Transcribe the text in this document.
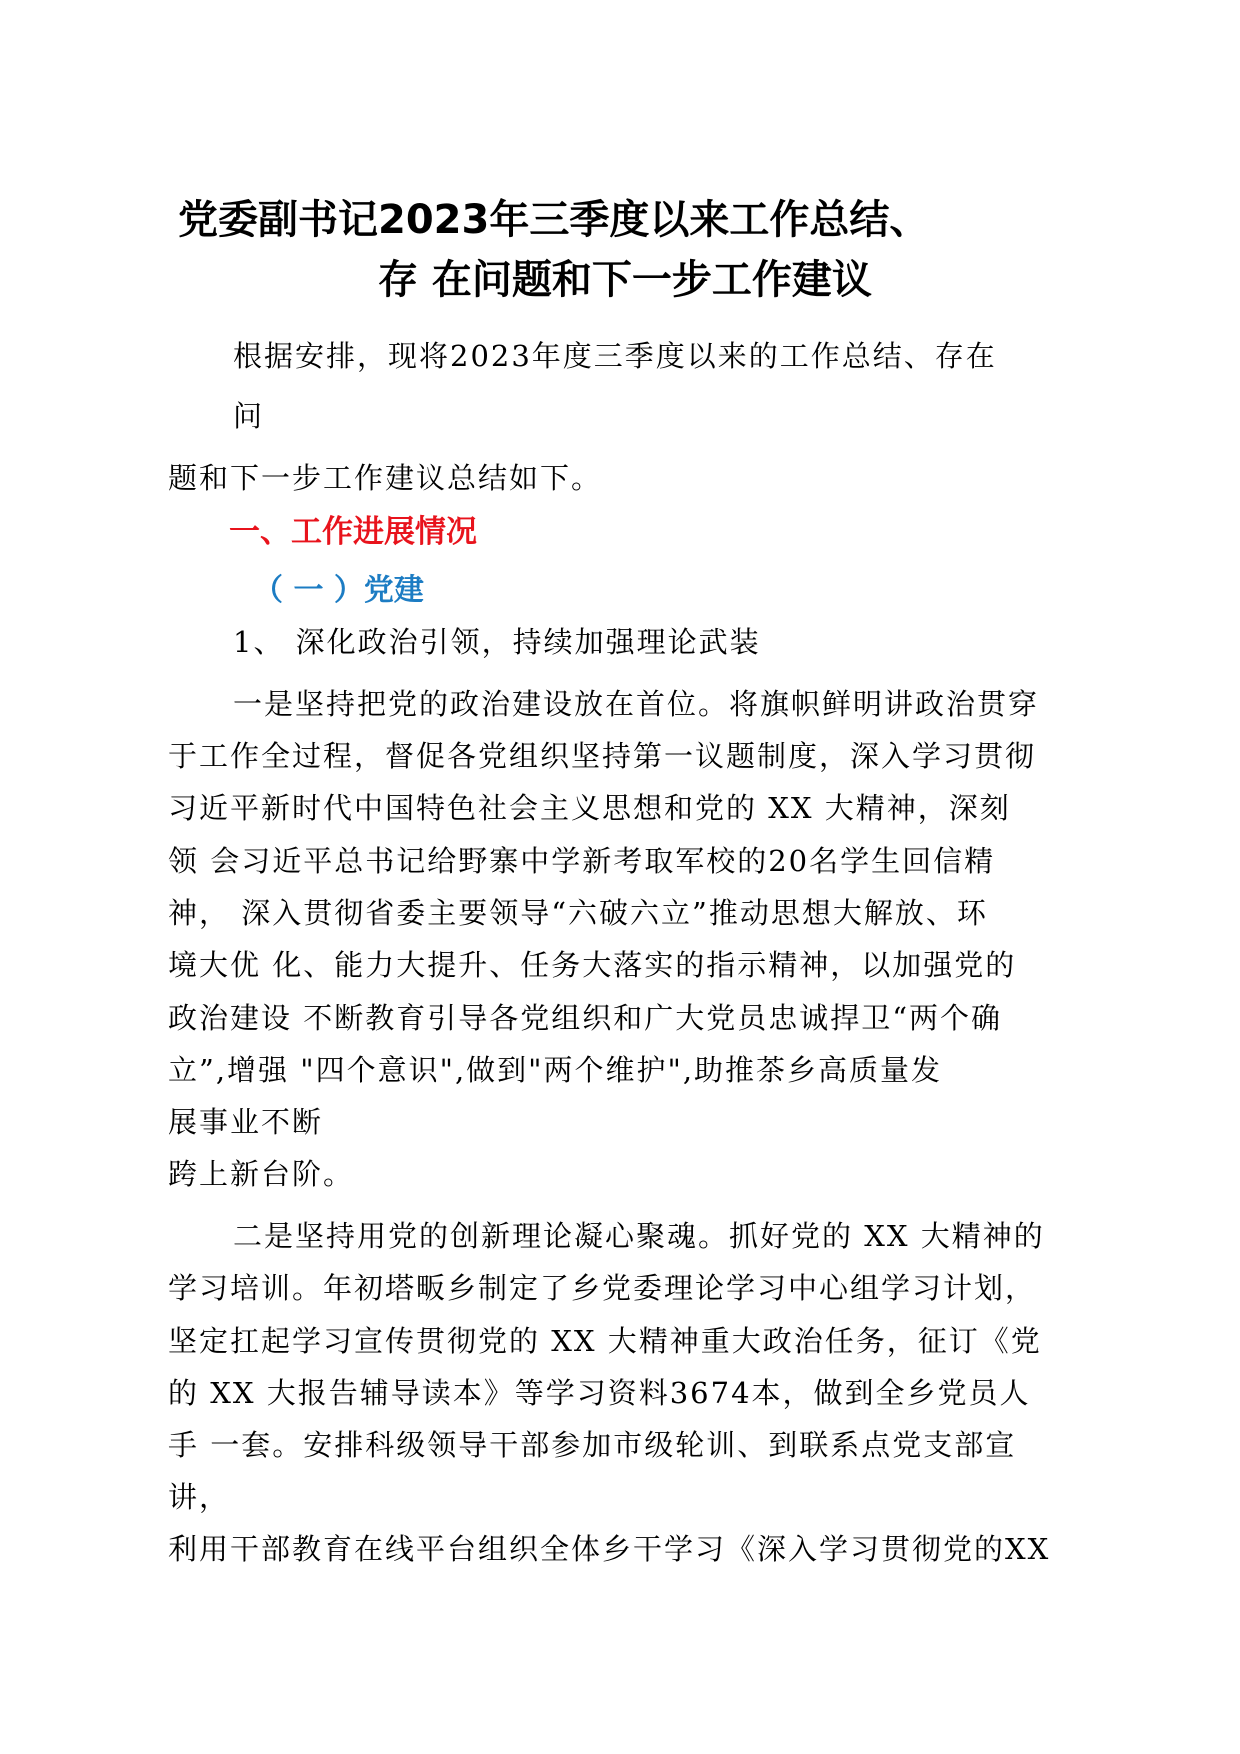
党委副书记2023年三季度以来工作总结、
存 在问题和下一步工作建议
根据安排，现将2023年度三季度以来的工作总结、存在
问
题和下一步工作建议总结如下。
一、工作进展情况
（ 一 ）党建
1、 深化政治引领，持续加强理论武装
一是坚持把党的政治建设放在首位。将旗帜鲜明讲政治贯穿
于工作全过程，督促各党组织坚持第一议题制度，深入学习贯彻
习近平新时代中国特色社会主义思想和党的 XX 大精神，深刻
领 会习近平总书记给野寨中学新考取军校的20名学生回信精
神， 深入贯彻省委主要领导“六破六立”推动思想大解放、环
境大优 化、能力大提升、任务大落实的指示精神，以加强党的
政治建设 不断教育引导各党组织和广大党员忠诚捍卫“两个确
立”,增强 "四个意识",做到"两个维护",助推茶乡高质量发
展事业不断
跨上新台阶。
二是坚持用党的创新理论凝心聚魂。抓好党的 XX 大精神的
学习培训。年初塔畈乡制定了乡党委理论学习中心组学习计划，
坚定扛起学习宣传贯彻党的 XX 大精神重大政治任务，征订《党
的 XX 大报告辅导读本》等学习资料3674本，做到全乡党员人
手 一套。安排科级领导干部参加市级轮训、到联系点党支部宣
讲，
利用干部教育在线平台组织全体乡干学习《深入学习贯彻党的XX
